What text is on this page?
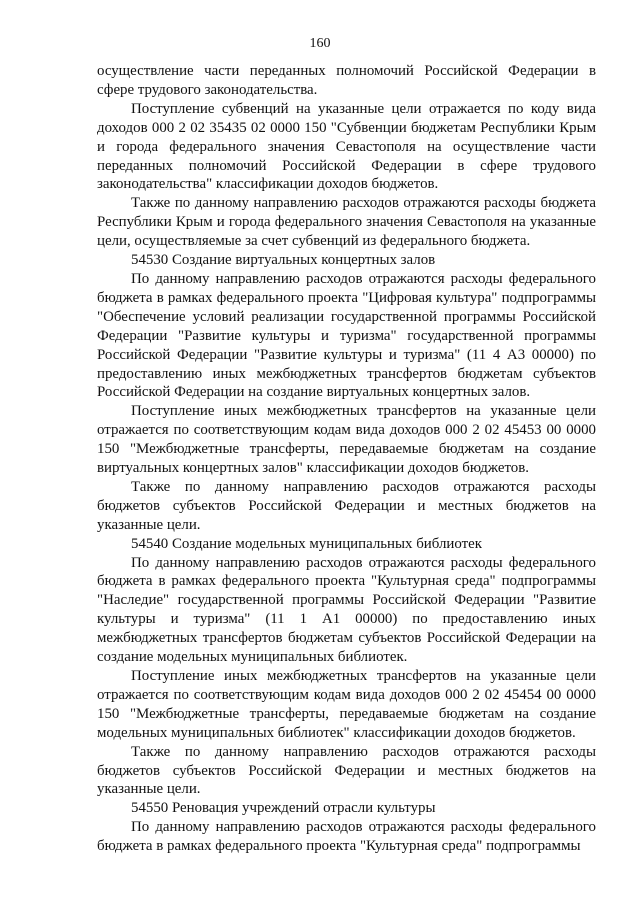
160

осуществление части переданных полномочий Российской Федерации в сфере трудового законодательства.

Поступление субвенций на указанные цели отражается по коду вида доходов 000 2 02 35435 02 0000 150 "Субвенции бюджетам Республики Крым и города федерального значения Севастополя на осуществление части переданных полномочий Российской Федерации в сфере трудового законодательства" классификации доходов бюджетов.

Также по данному направлению расходов отражаются расходы бюджета Республики Крым и города федерального значения Севастополя на указанные цели, осуществляемые за счет субвенций из федерального бюджета.

54530 Создание виртуальных концертных залов

По данному направлению расходов отражаются расходы федерального бюджета в рамках федерального проекта "Цифровая культура" подпрограммы "Обеспечение условий реализации государственной программы Российской Федерации "Развитие культуры и туризма" государственной программы Российской Федерации "Развитие культуры и туризма" (11 4 А3 00000) по предоставлению иных межбюджетных трансфертов бюджетам субъектов Российской Федерации на создание виртуальных концертных залов.

Поступление иных межбюджетных трансфертов на указанные цели отражается по соответствующим кодам вида доходов 000 2 02 45453 00 0000 150 "Межбюджетные трансферты, передаваемые бюджетам на создание виртуальных концертных залов" классификации доходов бюджетов.

Также по данному направлению расходов отражаются расходы бюджетов субъектов Российской Федерации и местных бюджетов на указанные цели.

54540 Создание модельных муниципальных библиотек

По данному направлению расходов отражаются расходы федерального бюджета в рамках федерального проекта "Культурная среда" подпрограммы "Наследие" государственной программы Российской Федерации "Развитие культуры и туризма" (11 1 А1 00000) по предоставлению иных межбюджетных трансфертов бюджетам субъектов Российской Федерации на создание модельных муниципальных библиотек.

Поступление иных межбюджетных трансфертов на указанные цели отражается по соответствующим кодам вида доходов 000 2 02 45454 00 0000 150 "Межбюджетные трансферты, передаваемые бюджетам на создание модельных муниципальных библиотек" классификации доходов бюджетов.

Также по данному направлению расходов отражаются расходы бюджетов субъектов Российской Федерации и местных бюджетов на указанные цели.

54550 Реновация учреждений отрасли культуры

По данному направлению расходов отражаются расходы федерального бюджета в рамках федерального проекта "Культурная среда" подпрограммы
